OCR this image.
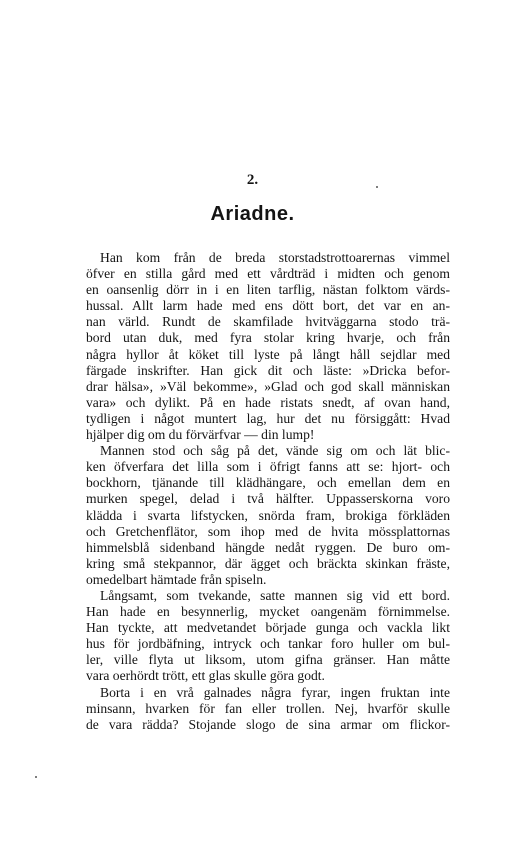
2.
Ariadne.
Han kom från de breda storstadstrottoarernas vimmel
öfver en stilla gård med ett vårdträd i midten och genom
en oansenlig dörr in i en liten tarflig, nästan folktom värds-
hussal. Allt larm hade med ens dött bort, det var en an-
nan värld. Rundt de skamfilade hvitväggarna stodo trä-
bord utan duk, med fyra stolar kring hvarje, och från
några hyllor åt köket till lyste på långt håll sejdlar med
färgade inskrifter. Han gick dit och läste: »Dricka befor-
drar hälsa», »Väl bekomme», »Glad och god skall människan
vara» och dylikt. På en hade ristats snedt, af ovan hand,
tydligen i något muntert lag, hur det nu försiggått: Hvad
hjälper dig om du förvärfvar — din lump!
Mannen stod och såg på det, vände sig om och lät blic-
ken öfverfara det lilla som i öfrigt fanns att se: hjort- och
bockhorn, tjänande till klädhängare, och emellan dem en
murken spegel, delad i två hälfter. Uppasserskorna voro
klädda i svarta lifstycken, snörda fram, brokiga förkläden
och Gretchenflätor, som ihop med de hvita mössplattornas
himmelsblå sidenband hängde nedåt ryggen. De buro om-
kring små stekpannor, där ägget och bräckta skinkan fräste,
omedelbart hämtade från spiseln.
Långsamt, som tvekande, satte mannen sig vid ett bord.
Han hade en besynnerlig, mycket oangenäm förnimmelse.
Han tyckte, att medvetandet började gunga och vackla likt
hus för jordbäfning, intryck och tankar foro huller om bul-
ler, ville flyta ut liksom, utom gifna gränser. Han måtte
vara oerhördt trött, ett glas skulle göra godt.
Borta i en vrå galnades några fyrar, ingen fruktan inte
minsann, hvarken för fan eller trollen. Nej, hvarför skulle
de vara rädda? Stojande slogo de sina armar om flickor-
